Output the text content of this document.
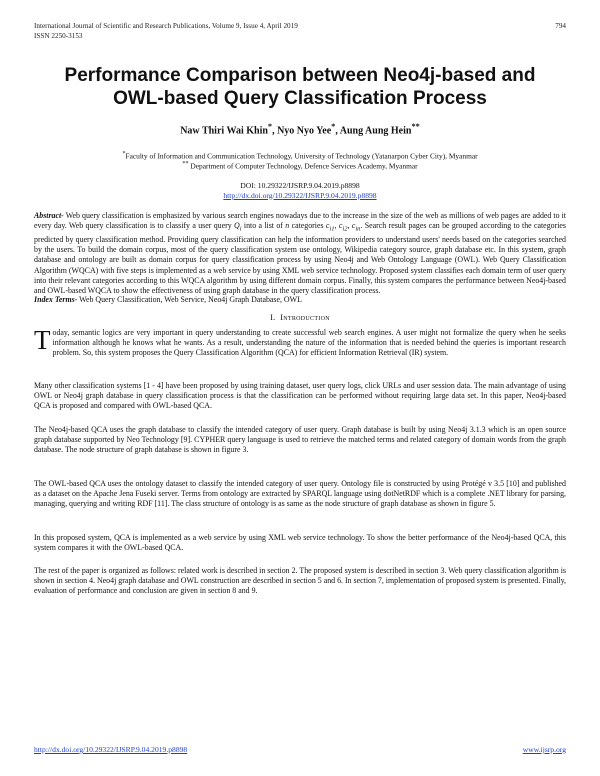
International Journal of Scientific and Research Publications, Volume 9, Issue 4, April 2019
ISSN 2250-3153
794
Performance Comparison between Neo4j-based and
OWL-based Query Classification Process
Naw Thiri Wai Khin*, Nyo Nyo Yee*, Aung Aung Hein**
*Faculty of Information and Communication Technology, University of Technology (Yatanarpon Cyber City), Myanmar
** Department of Computer Technology, Defence Services Academy, Myanmar
DOI: 10.29322/IJSRP.9.04.2019.p8898
http://dx.doi.org/10.29322/IJSRP.9.04.2019.p8898
Abstract- Web query classification is emphasized by various search engines nowadays due to the increase in the size of the web as millions of web pages are added to it every day. Web query classification is to classify a user query $Q_i$ into a list of n categories $c_{i1}$, $c_{i2}$, $c_{in}$. Search result pages can be grouped according to the categories predicted by query classification method. Providing query classification can help the information providers to understand users' needs based on the categories searched by the users. To build the domain corpus, most of the query classification system use ontology, Wikipedia category source, graph database etc. In this system, graph database and ontology are built as domain corpus for query classification process by using Neo4j and Web Ontology Language (OWL). Web Query Classification Algorithm (WQCA) with five steps is implemented as a web service by using XML web service technology. Proposed system classifies each domain term of user query into their relevant categories according to this WQCA algorithm by using different domain corpus. Finally, this system compares the performance between Neo4j-based and OWL-based WQCA to show the effectiveness of using graph database in the query classification process.
Index Terms- Web Query Classification, Web Service, Neo4j Graph Database, OWL
I. Introduction
Today, semantic logics are very important in query understanding to create successful web search engines. A user might not formalize the query when he seeks information although he knows what he wants. As a result, understanding the nature of the information that is needed behind the queries is important research problem. So, this system proposes the Query Classification Algorithm (QCA) for efficient Information Retrieval (IR) system.
Many other classification systems [1 - 4] have been proposed by using training dataset, user query logs, click URLs and user session data. The main advantage of using OWL or Neo4j graph database in query classification process is that the classification can be performed without requiring large data set. In this paper, Neo4j-based QCA is proposed and compared with OWL-based QCA.
The Neo4j-based QCA uses the graph database to classify the intended category of user query. Graph database is built by using Neo4j 3.1.3 which is an open source graph database supported by Neo Technology [9]. CYPHER query language is used to retrieve the matched terms and related category of domain words from the graph database. The node structure of graph database is shown in figure 3.
The OWL-based QCA uses the ontology dataset to classify the intended category of user query. Ontology file is constructed by using Protégé v 3.5 [10] and published as a dataset on the Apache Jena Fuseki server. Terms from ontology are extracted by SPARQL language using dotNetRDF which is a complete .NET library for parsing, managing, querying and writing RDF [11]. The class structure of ontology is as same as the node structure of graph database as shown in figure 5.
In this proposed system, QCA is implemented as a web service by using XML web service technology. To show the better performance of the Neo4j-based QCA, this system compares it with the OWL-based QCA.
The rest of the paper is organized as follows: related work is described in section 2. The proposed system is described in section 3. Web query classification algorithm is shown in section 4. Neo4j graph database and OWL construction are described in section 5 and 6. In section 7, implementation of proposed system is presented. Finally, evaluation of performance and conclusion are given in section 8 and 9.
http://dx.doi.org/10.29322/IJSRP.9.04.2019.p8898	www.ijsrp.org
